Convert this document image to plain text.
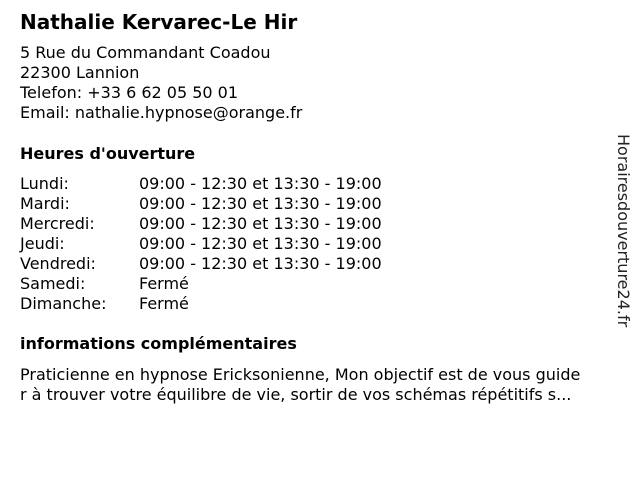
Nathalie Kervarec-Le Hir
5 Rue du Commandant Coadou
22300 Lannion
Telefon: +33 6 62 05 50 01
Email: nathalie.hypnose@orange.fr
Heures d'ouverture
Lundi:	09:00 - 12:30 et 13:30 - 19:00
Mardi:	09:00 - 12:30 et 13:30 - 19:00
Mercredi:	09:00 - 12:30 et 13:30 - 19:00
Jeudi:	09:00 - 12:30 et 13:30 - 19:00
Vendredi:	09:00 - 12:30 et 13:30 - 19:00
Samedi:	Fermé
Dimanche: Fermé
informations complémentaires
Praticienne en hypnose Ericksonienne, Mon objectif est de vous guide
r à trouver votre équilibre de vie, sortir de vos schémas répétitifs s...
Horairesdouverture24.fr
